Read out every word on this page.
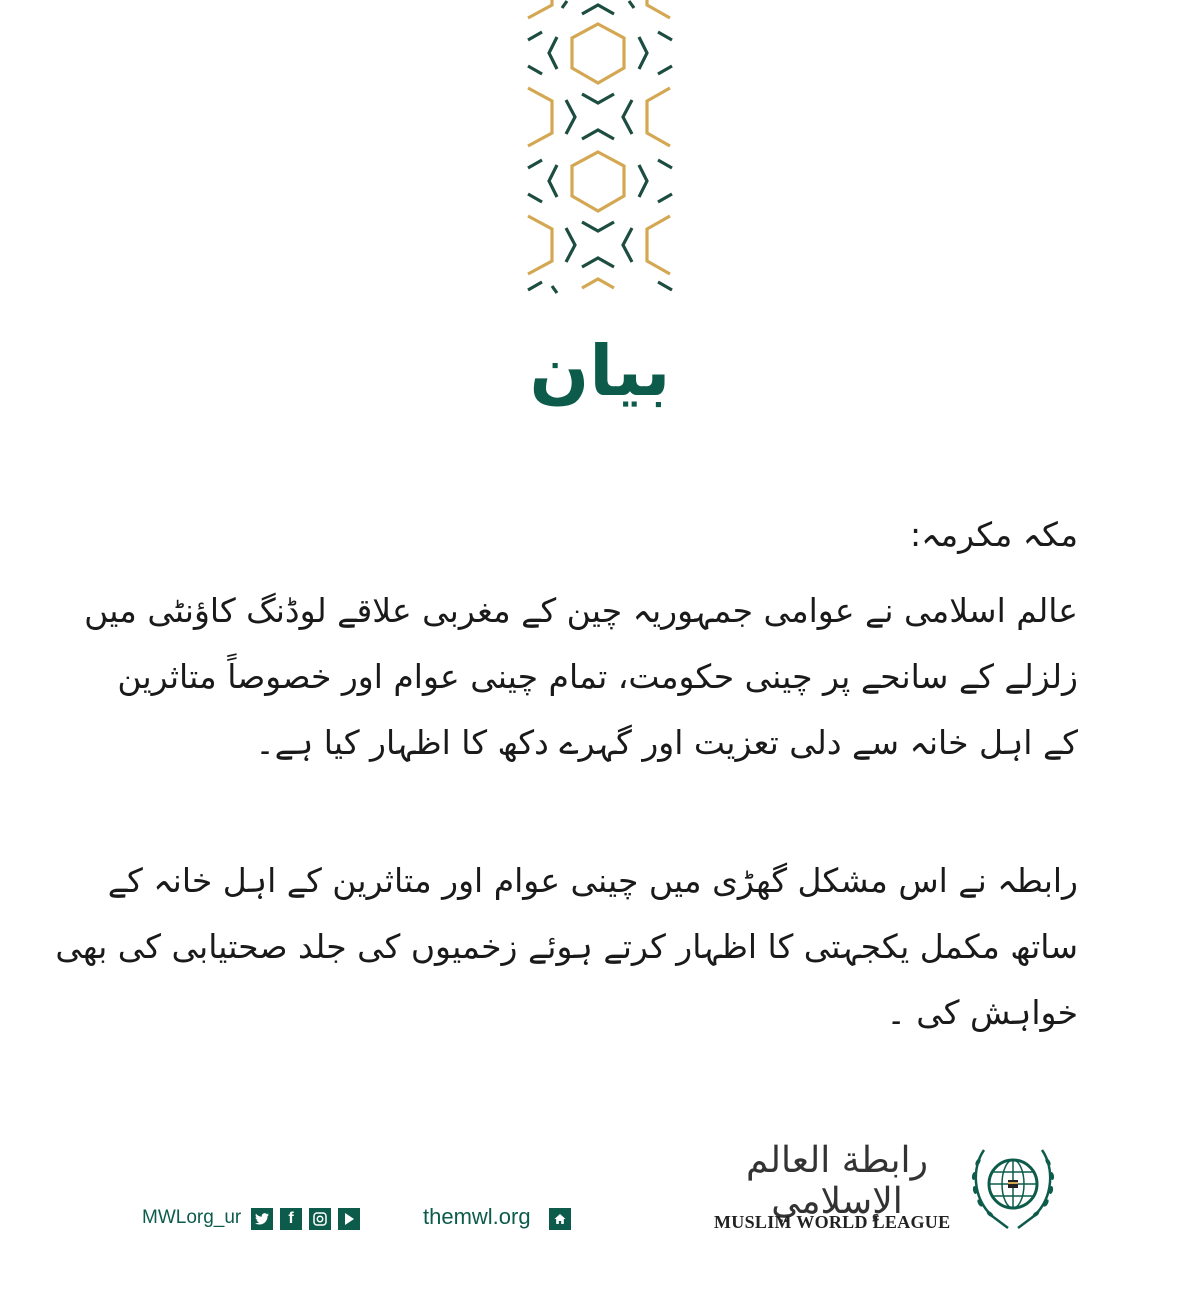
بیان
مکہ مکرمہ:
عالم اسلامی نے عوامی جمہوریہ چین کے مغربی علاقے لوڈنگ کاؤنٹی میں
زلزلے کے سانحے پر چینی حکومت، تمام چینی عوام اور خصوصاً متاثرین
کے اہل خانہ سے دلی تعزیت اور گہرے دکھ کا اظہار کیا ہے۔
رابطہ نے اس مشکل گھڑی میں چینی عوام اور متاثرین کے اہل خانہ کے
ساتھ مکمل یکجہتی کا اظہار کرتے ہوئے زخمیوں کی جلد صحتیابی کی بھی
خواہش کی ۔
MWLorg_ur	f	themwl.org
رابطة العالم الإسلامي
MUSLIM WORLD LEAGUE
